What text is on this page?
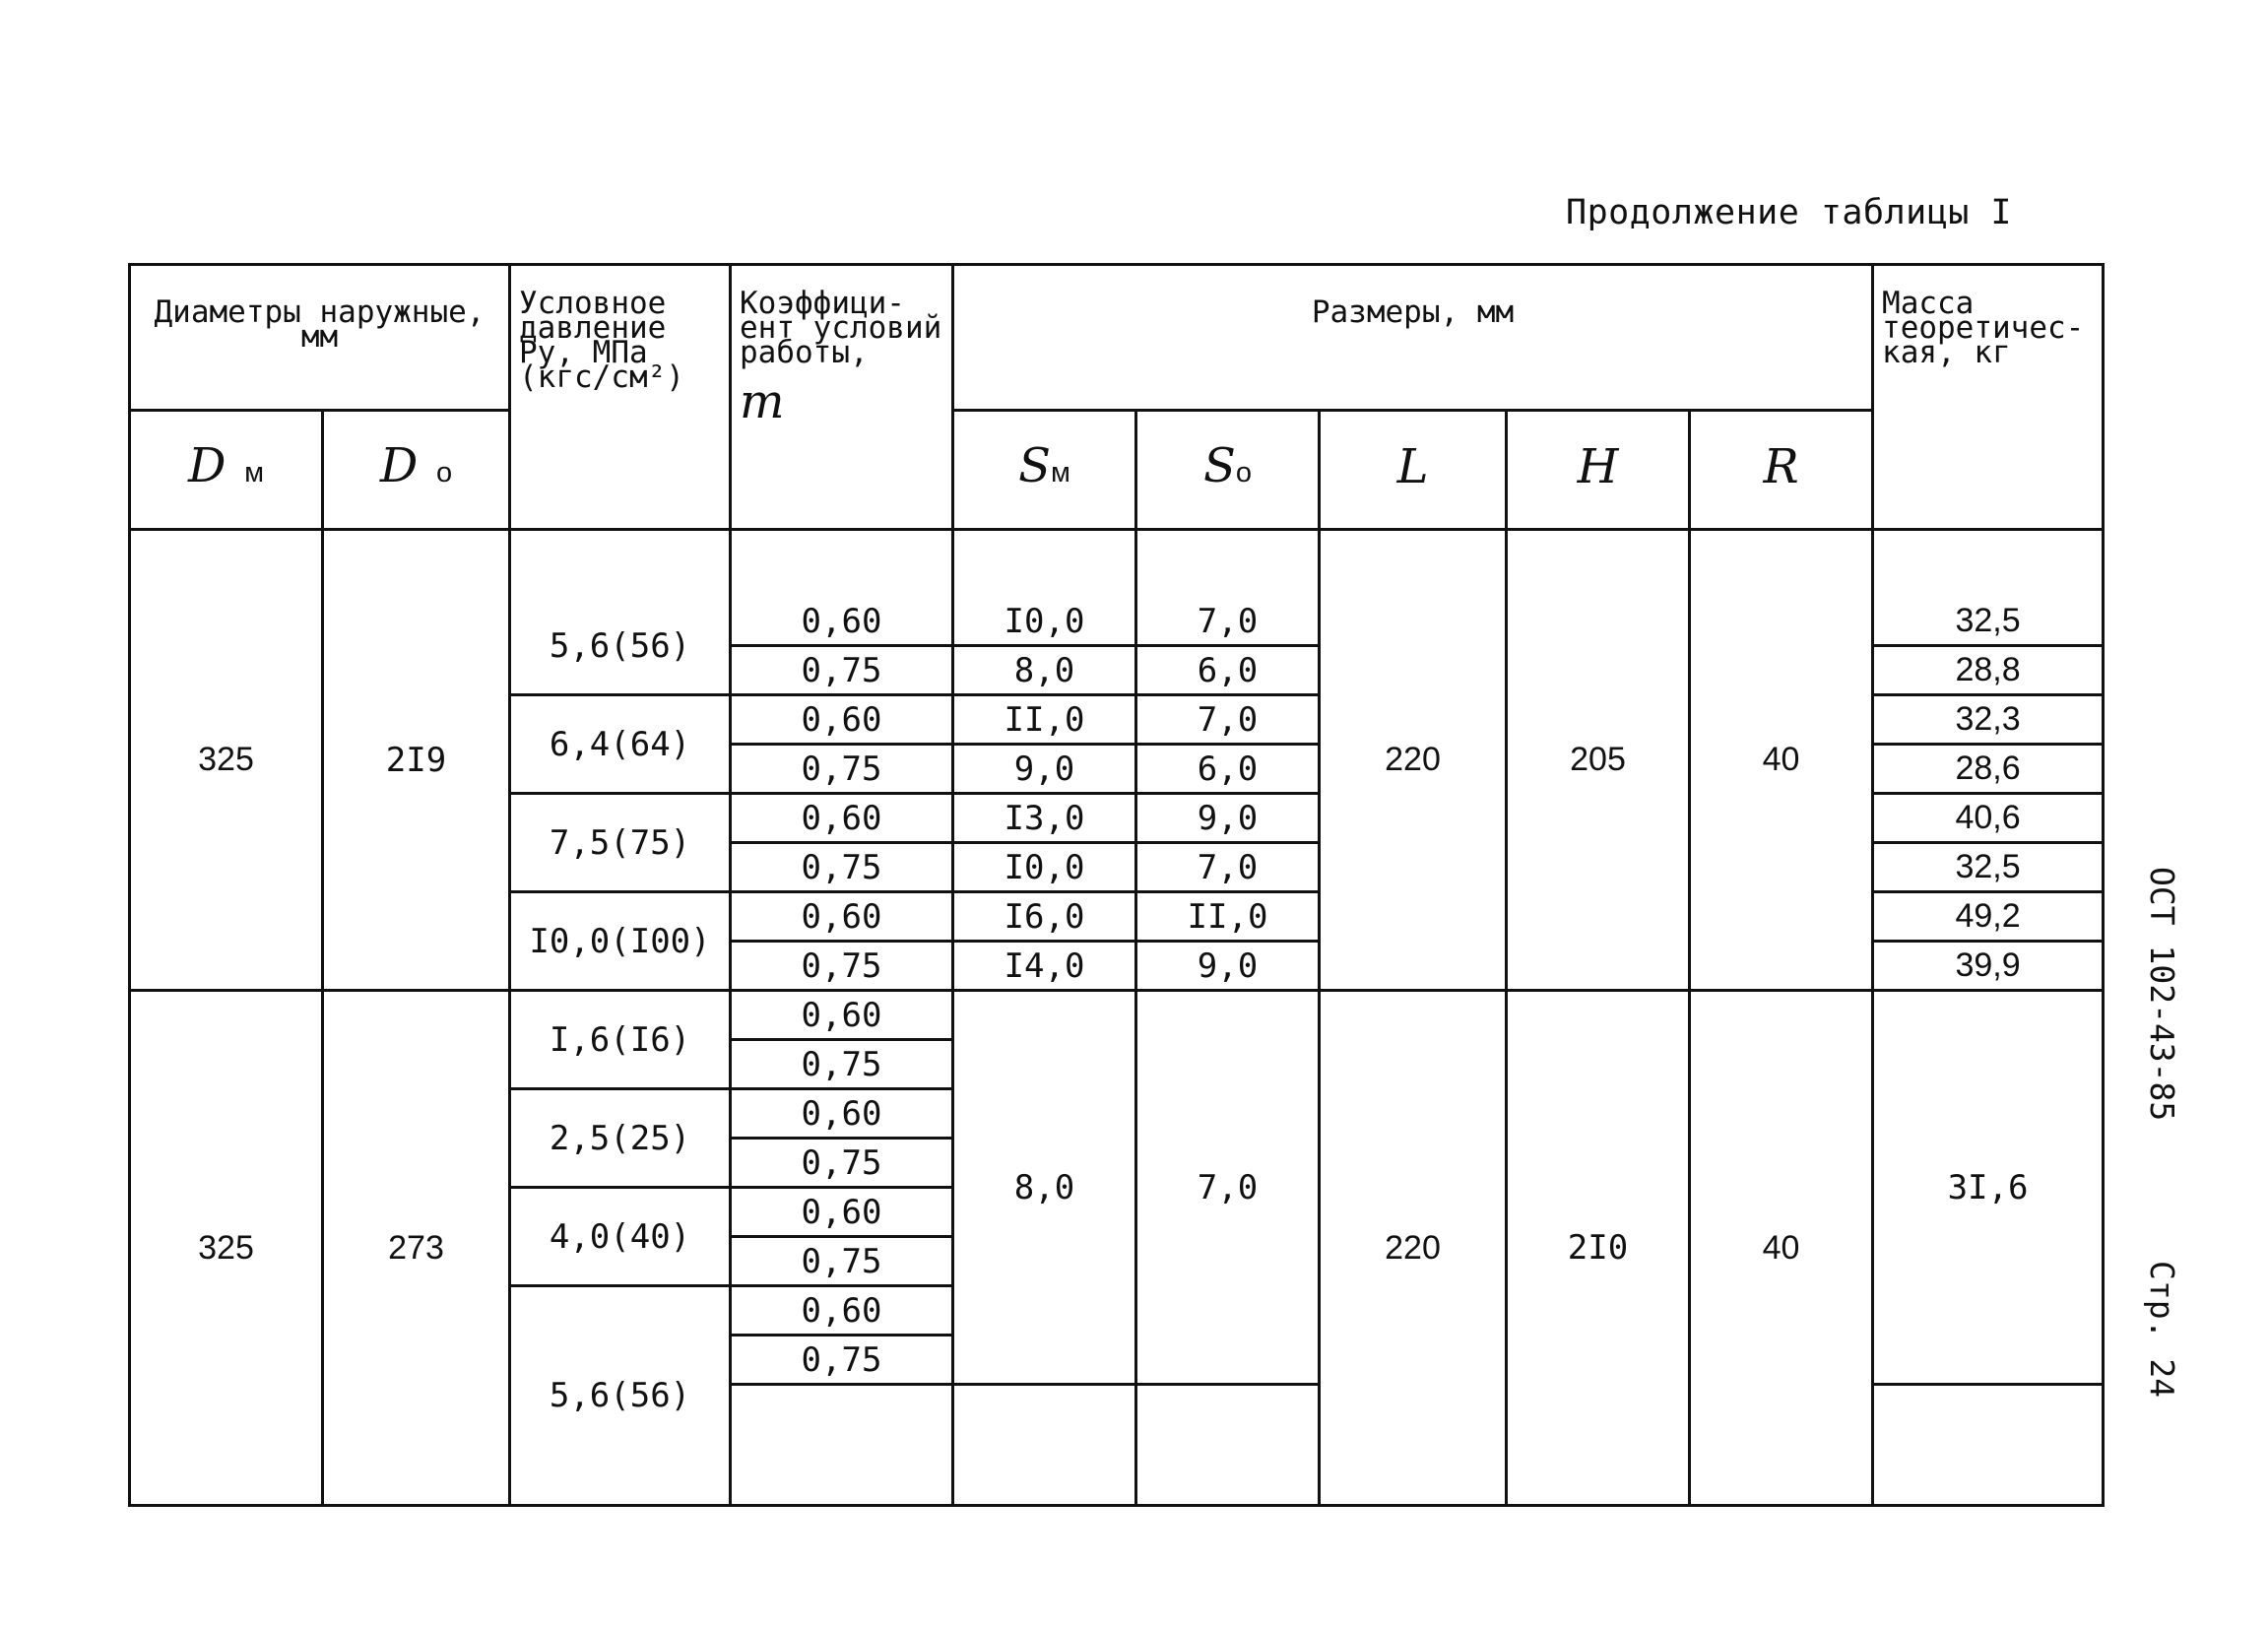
Продолжение таблицы I
ОСТ 102-43-85
Стр. 24
Диаметры наружные, мм		Условное давление Ру, МПа (кгс/см²)	Коэффици-ент условий работы,

m	Размеры, мм					Масса теоретичес-кая, кг
D м	D о			Sм	Sо	L	H	R	
325	2I9					220	205	40	
		5,6(56)	0,60	I0,0	7,0				32,5
			0,75	8,0	6,0				28,8
		6,4(64)	0,60	II,0	7,0				32,3
			0,75	9,0	6,0				28,6
		7,5(75)	0,60	I3,0	9,0				40,6
			0,75	I0,0	7,0				32,5
		I0,0(I00)	0,60	I6,0	II,0				49,2
			0,75	I4,0	9,0				39,9
325	273	I,6(I6)	0,60	8,0	7,0	220	2I0	40	3I,6
			0,75						
		2,5(25)	0,60						
			0,75						
		4,0(40)	0,60						
			0,75						
		5,6(56)	0,60						
			0,75						
